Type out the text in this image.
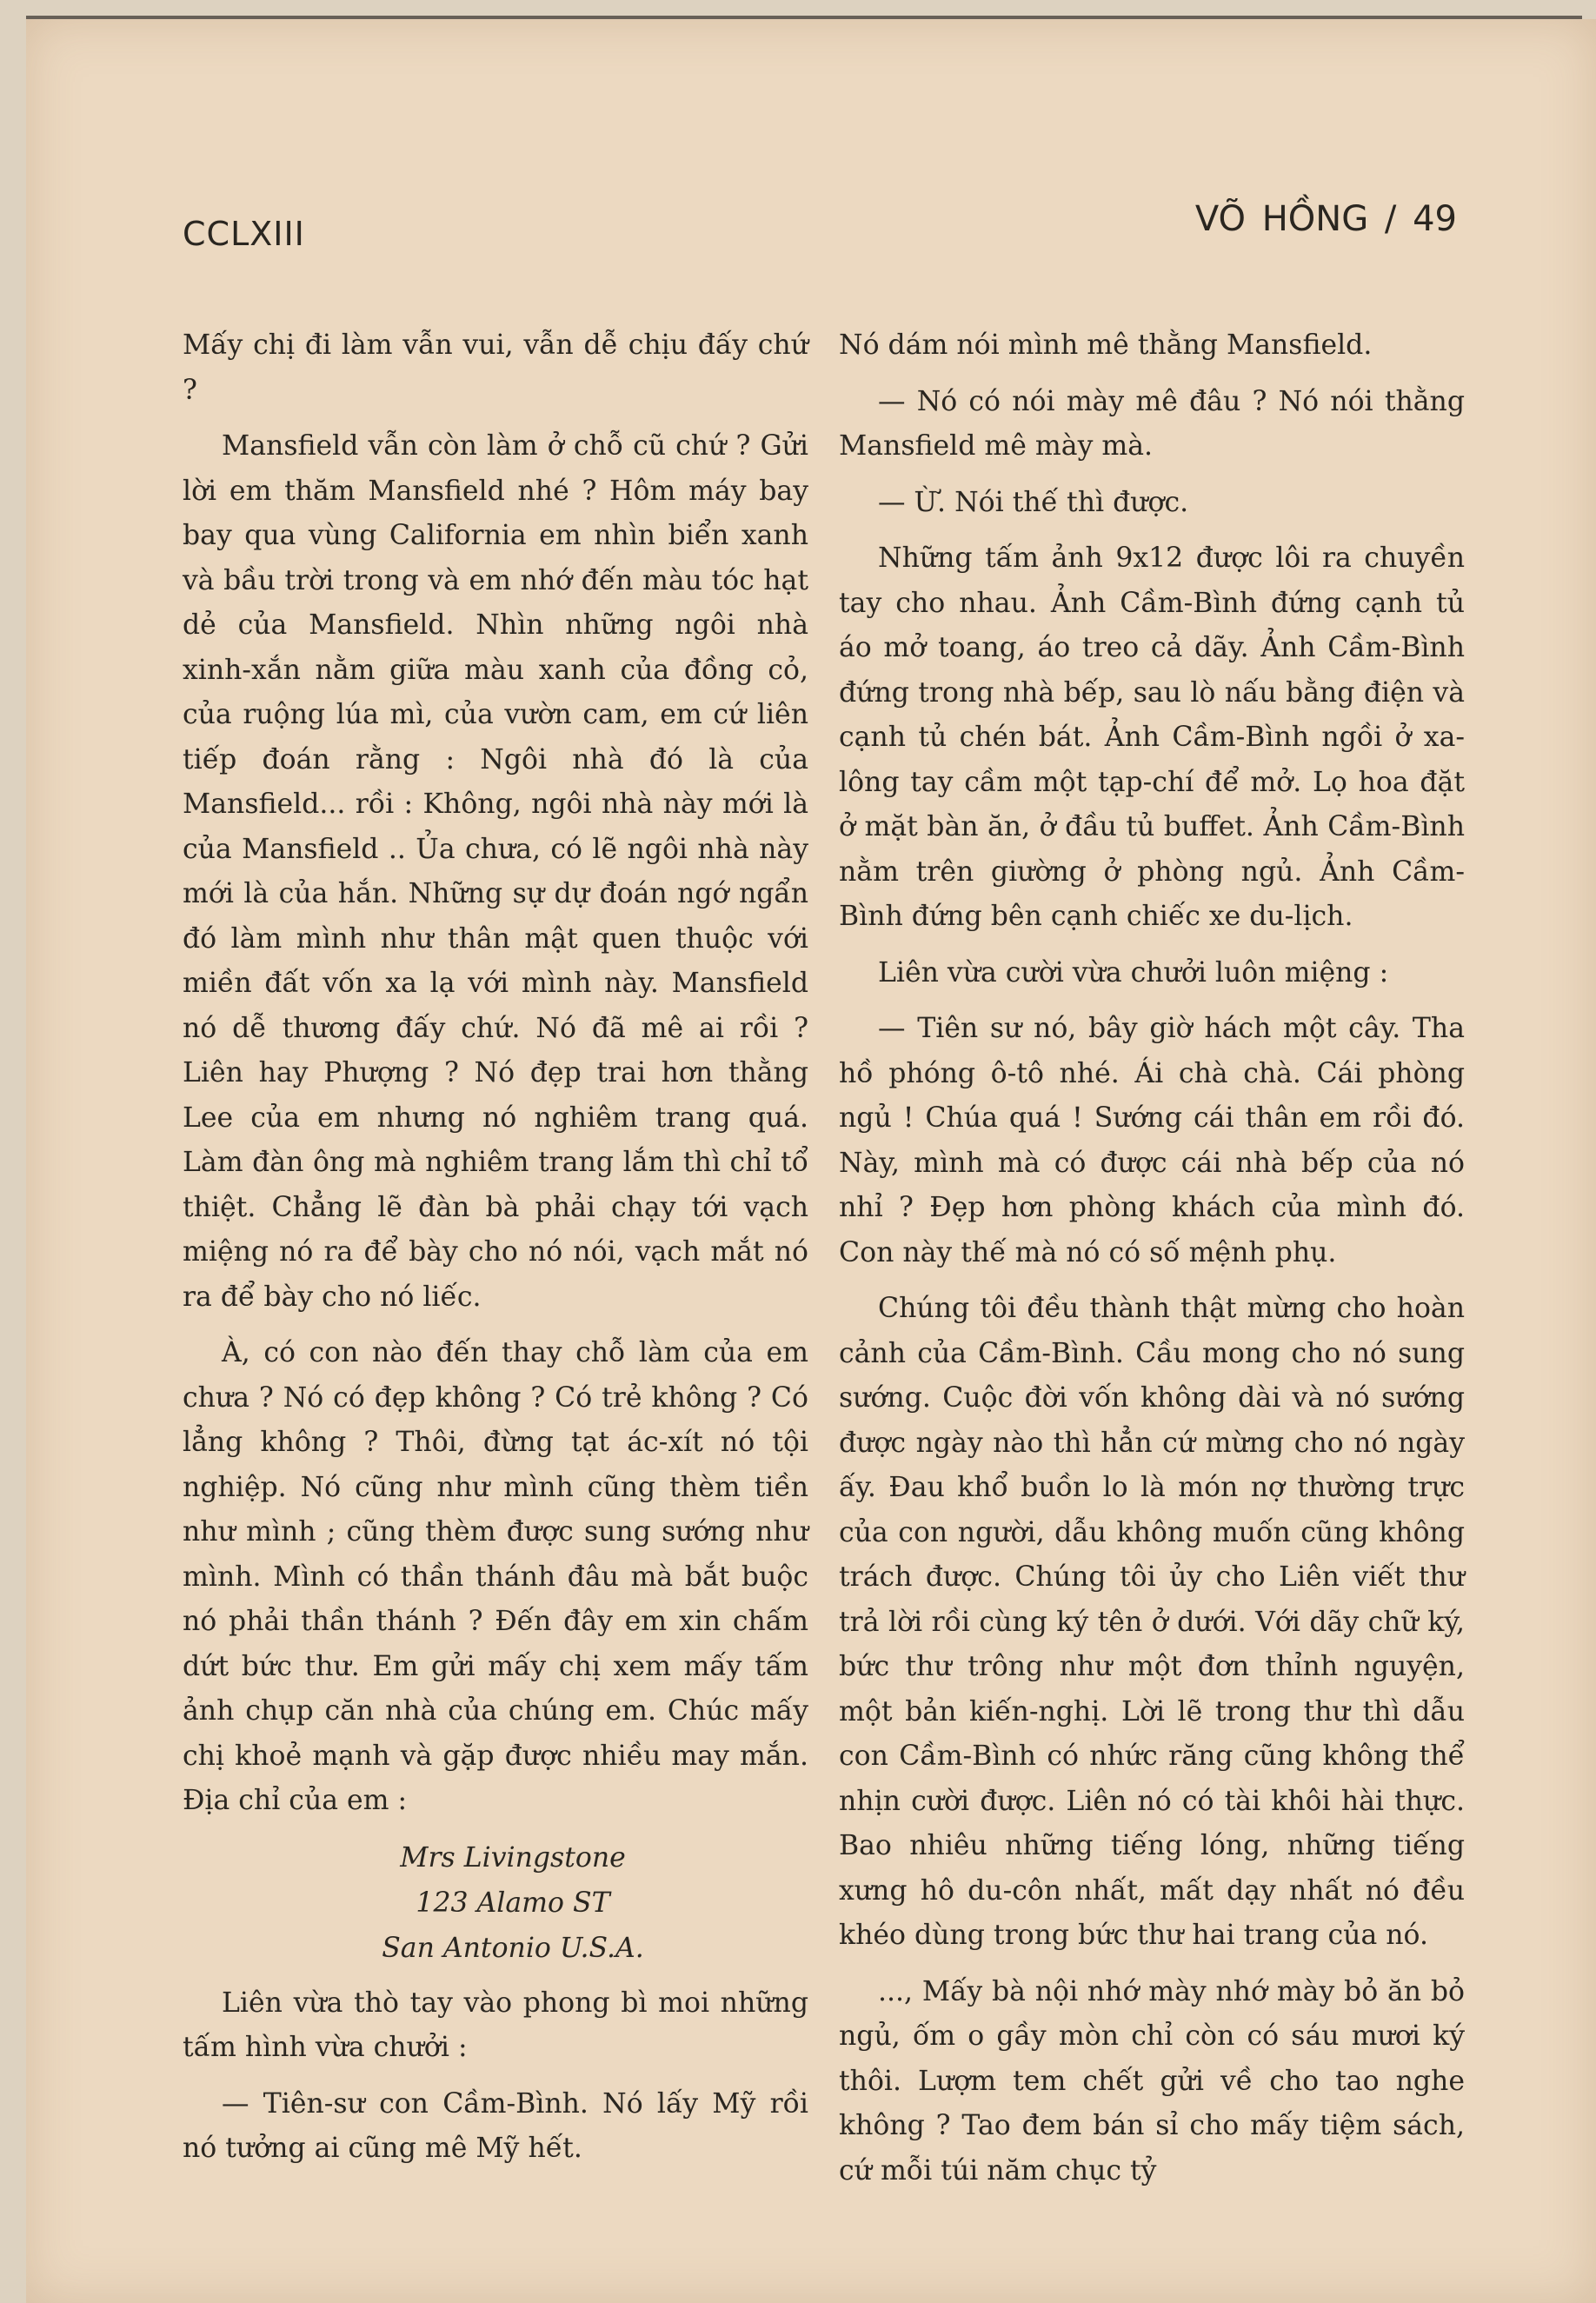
CCLXIII	VÕ HỒNG / 49

Mấy chị đi làm vẫn vui, vẫn dễ chịu đấy chứ ?

Mansfield vẫn còn làm ở chỗ cũ chứ ? Gửi lời em thăm Mansfield nhé ? Hôm máy bay bay qua vùng California em nhìn biển xanh và bầu trời trong và em nhớ đến màu tóc hạt dẻ của Mansfield. Nhìn những ngôi nhà xinh-xắn nằm giữa màu xanh của đồng cỏ, của ruộng lúa mì, của vườn cam, em cứ liên tiếp đoán rằng : Ngôi nhà đó là của Mansfield... rồi : Không, ngôi nhà này mới là của Mansfield .. Ủa chưa, có lẽ ngôi nhà này mới là của hắn. Những sự dự đoán ngớ ngẩn đó làm mình như thân mật quen thuộc với miền đất vốn xa lạ với mình này. Mansfield nó dễ thương đấy chứ. Nó đã mê ai rồi ? Liên hay Phượng ? Nó đẹp trai hơn thằng Lee của em nhưng nó nghiêm trang quá. Làm đàn ông mà nghiêm trang lắm thì chỉ tổ thiệt. Chẳng lẽ đàn bà phải chạy tới vạch miệng nó ra để bày cho nó nói, vạch mắt nó ra để bày cho nó liếc.

À, có con nào đến thay chỗ làm của em chưa ? Nó có đẹp không ? Có trẻ không ? Có lẳng không ? Thôi, đừng tạt ác-xít nó tội nghiệp. Nó cũng như mình cũng thèm tiền như mình ; cũng thèm được sung sướng như mình. Mình có thần thánh đâu mà bắt buộc nó phải thần thánh ? Đến đây em xin chấm dứt bức thư. Em gửi mấy chị xem mấy tấm ảnh chụp căn nhà của chúng em. Chúc mấy chị khoẻ mạnh và gặp được nhiều may mắn. Địa chỉ của em :

Mrs Livingstone
123 Alamo ST
San Antonio U.S.A.

Liên vừa thò tay vào phong bì moi những tấm hình vừa chưởi :

— Tiên-sư con Cầm-Bình. Nó lấy Mỹ rồi nó tưởng ai cũng mê Mỹ hết.

Nó dám nói mình mê thằng Mansfield.

— Nó có nói mày mê đâu ? Nó nói thằng Mansfield mê mày mà.

— Ừ. Nói thế thì được.

Những tấm ảnh 9x12 được lôi ra chuyền tay cho nhau. Ảnh Cầm-Bình đứng cạnh tủ áo mở toang, áo treo cả dãy. Ảnh Cầm-Bình đứng trong nhà bếp, sau lò nấu bằng điện và cạnh tủ chén bát. Ảnh Cầm-Bình ngồi ở xa-lông tay cầm một tạp-chí để mở. Lọ hoa đặt ở mặt bàn ăn, ở đầu tủ buffet. Ảnh Cầm-Bình nằm trên giường ở phòng ngủ. Ảnh Cầm-Bình đứng bên cạnh chiếc xe du-lịch.

Liên vừa cười vừa chưởi luôn miệng :

— Tiên sư nó, bây giờ hách một cây. Tha hồ phóng ô-tô nhé. Ái chà chà. Cái phòng ngủ ! Chúa quá ! Sướng cái thân em rồi đó. Này, mình mà có được cái nhà bếp của nó nhỉ ? Đẹp hơn phòng khách của mình đó. Con này thế mà nó có số mệnh phụ.

Chúng tôi đều thành thật mừng cho hoàn cảnh của Cầm-Bình. Cầu mong cho nó sung sướng. Cuộc đời vốn không dài và nó sướng được ngày nào thì hẳn cứ mừng cho nó ngày ấy. Đau khổ buồn lo là món nợ thường trực của con người, dẫu không muốn cũng không trách được. Chúng tôi ủy cho Liên viết thư trả lời rồi cùng ký tên ở dưới. Với dãy chữ ký, bức thư trông như một đơn thỉnh nguyện, một bản kiến-nghị. Lời lẽ trong thư thì dẫu con Cầm-Bình có nhức răng cũng không thể nhịn cười được. Liên nó có tài khôi hài thực. Bao nhiêu những tiếng lóng, những tiếng xưng hô du-côn nhất, mất dạy nhất nó đều khéo dùng trong bức thư hai trang của nó.

..., Mấy bà nội nhớ mày nhớ mày bỏ ăn bỏ ngủ, ốm o gầy mòn chỉ còn có sáu mươi ký thôi. Lượm tem chết gửi về cho tao nghe không ? Tao đem bán sỉ cho mấy tiệm sách, cứ mỗi túi năm chục tỷ
